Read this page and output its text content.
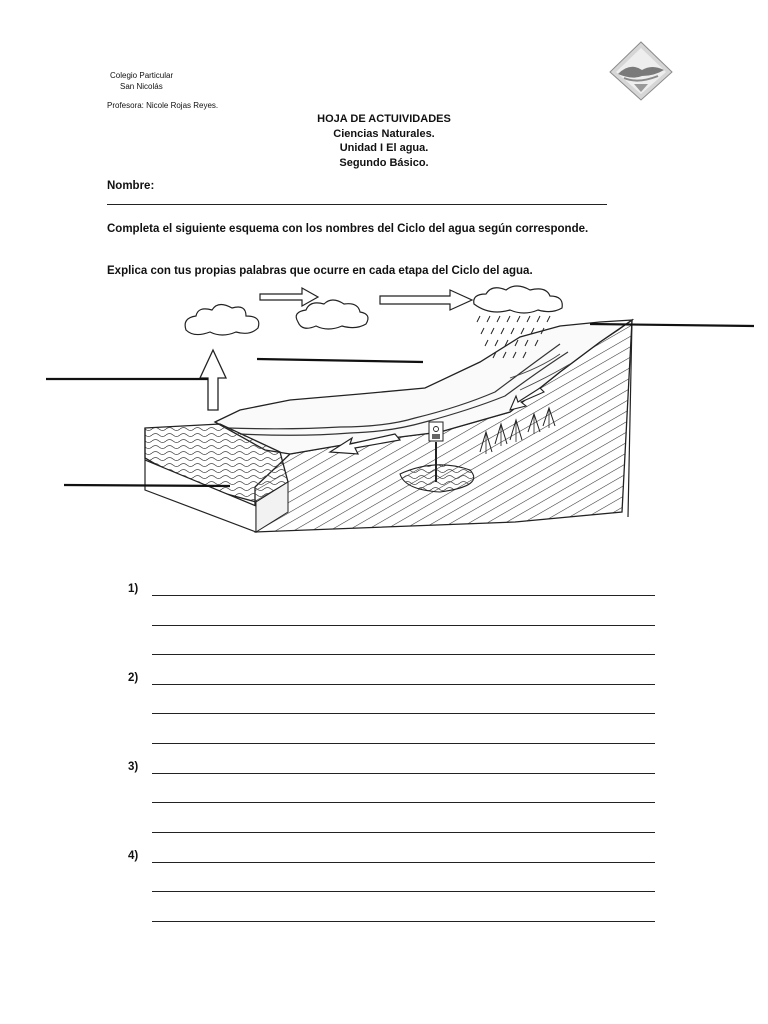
Colegio Particular
San Nicolás
Profesora: Nicole Rojas Reyes.
HOJA DE ACTUIVIDADES
Ciencias Naturales.
Unidad I El agua.
Segundo Básico.
Nombre:
Completa el siguiente esquema con los nombres del Ciclo del agua según corresponde.
Explica con tus propias palabras que ocurre en cada etapa del Ciclo del agua.
1)
2)
3)
4)
